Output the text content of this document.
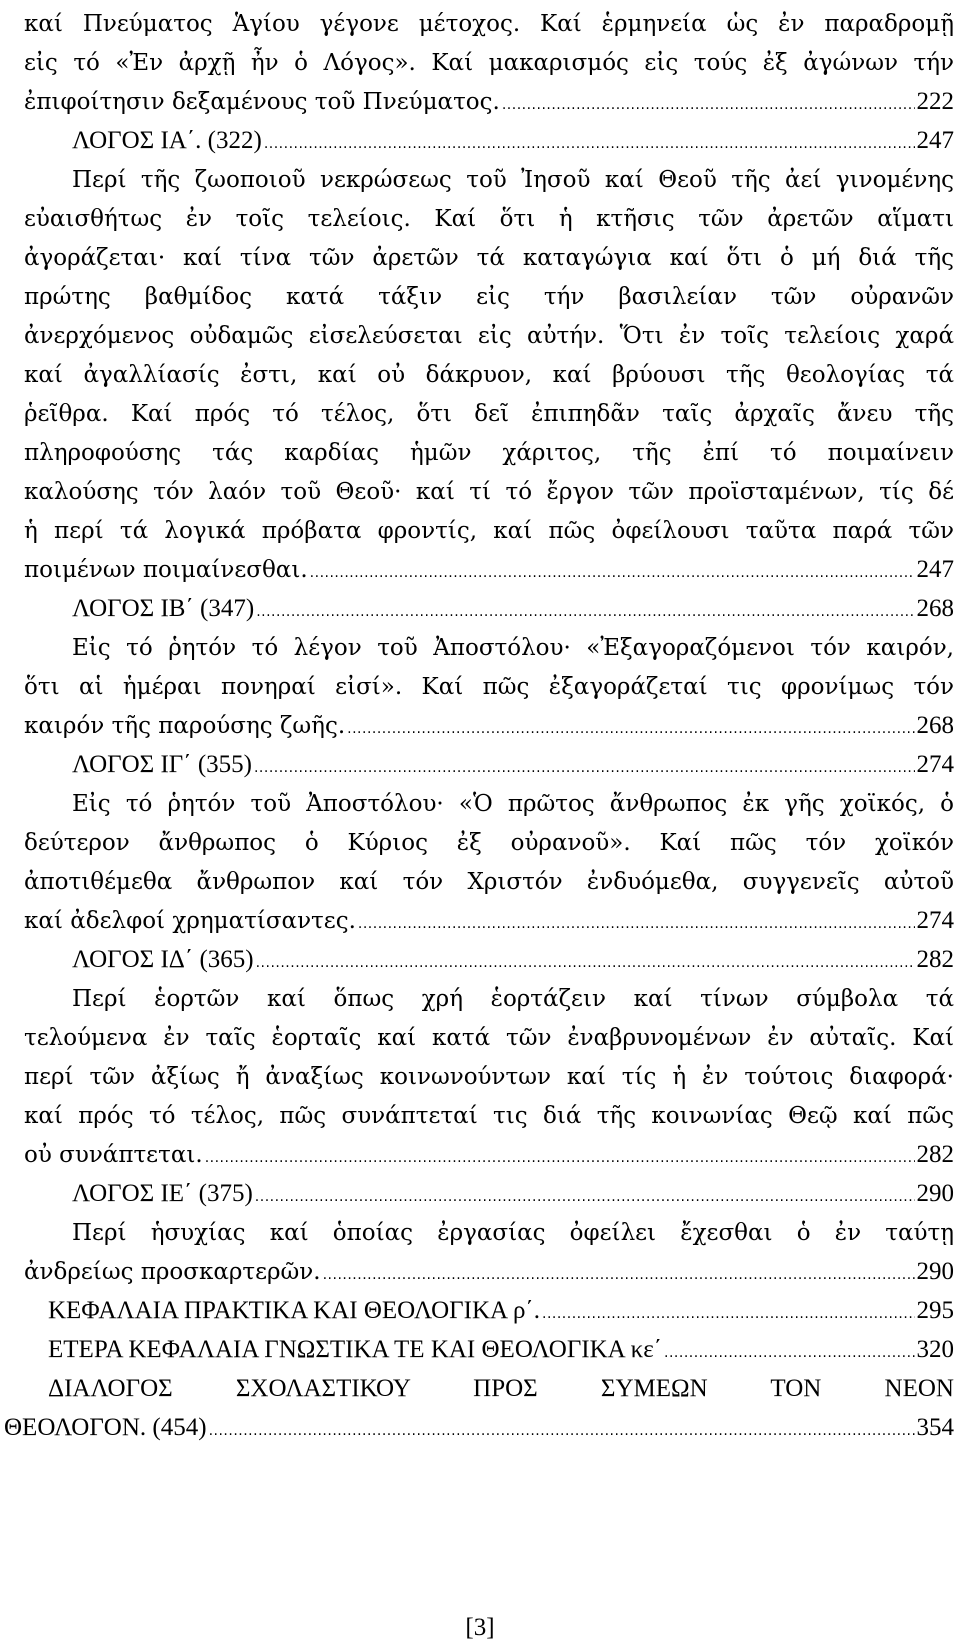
καί Πνεύματος Ἁγίου γέγονε μέτοχος. Καί ἑρμηνεία ὡς ἐν παραδρομῇ
εἰς τό «Ἐν ἀρχῇ ἦν ὁ Λόγος». Καί μακαρισμός εἰς τούς ἐξ ἀγώνων τήν
ἐπιφοίτησιν δεξαμένους τοῦ Πνεύματος. .....	222
ΛΟΓΟΣ ΙΑ΄. (322) .....	247
Περί τῆς ζωοποιοῦ νεκρώσεως τοῦ Ἰησοῦ καί Θεοῦ τῆς ἀεί γινομένης
εὐαισθήτως ἐν τοῖς τελείοις. Καί ὅτι ἡ κτῆσις τῶν ἀρετῶν αἵματι
ἀγοράζεται· καί τίνα τῶν ἀρετῶν τά καταγώγια καί ὅτι ὁ μή διά τῆς
πρώτης βαθμίδος κατά τάξιν εἰς τήν βασιλείαν τῶν οὐρανῶν
ἀνερχόμενος οὐδαμῶς εἰσελεύσεται εἰς αὐτήν. Ὅτι ἐν τοῖς τελείοις χαρά
καί ἀγαλλίασίς ἐστι, καί οὐ δάκρυον, καί βρύουσι τῆς θεολογίας τά
ῥεῖθρα. Καί πρός τό τέλος, ὅτι δεῖ ἐπιπηδᾶν ταῖς ἀρχαῖς ἄνευ τῆς
πληροφούσης τάς καρδίας ἡμῶν χάριτος, τῆς ἐπί τό ποιμαίνειν
καλούσης τόν λαόν τοῦ Θεοῦ· καί τί τό ἔργον τῶν προϊσταμένων, τίς δέ
ἡ περί τά λογικά πρόβατα φροντίς, καί πῶς ὀφείλουσι ταῦτα παρά τῶν
ποιμένων ποιμαίνεσθαι. .....	247
ΛΟΓΟΣ ΙΒ΄ (347) .....	268
Εἰς τό ῥητόν τό λέγον τοῦ Ἀποστόλου· «Ἐξαγοραζόμενοι τόν καιρόν,
ὅτι αἱ ἡμέραι πονηραί εἰσί». Καί πῶς ἐξαγοράζεταί τις φρονίμως τόν
καιρόν τῆς παρούσης ζωῆς. .....	268
ΛΟΓΟΣ ΙΓ΄ (355) .....	274
Εἰς τό ῥητόν τοῦ Ἀποστόλου· «Ὁ πρῶτος ἄνθρωπος ἐκ γῆς χοϊκός, ὁ
δεύτερον ἄνθρωπος ὁ Κύριος ἐξ οὐρανοῦ». Καί πῶς τόν χοϊκόν
ἀποτιθέμεθα ἄνθρωπον καί τόν Χριστόν ἐνδυόμεθα, συγγενεῖς αὐτοῦ
καί ἀδελφοί χρηματίσαντες. .....	274
ΛΟΓΟΣ ΙΔ΄ (365) .....	282
Περί ἑορτῶν καί ὅπως χρή ἑορτάζειν καί τίνων σύμβολα τά
τελούμενα ἐν ταῖς ἑορταῖς καί κατά τῶν ἐναβρυνομένων ἐν αὐταῖς. Καί
περί τῶν ἀξίως ἤ ἀναξίως κοινωνούντων καί τίς ἡ ἐν τούτοις διαφορά·
καί πρός τό τέλος, πῶς συνάπτεταί τις διά τῆς κοινωνίας Θεῷ καί πῶς
οὐ συνάπτεται. .....	282
ΛΟΓΟΣ ΙΕ΄ (375) .....	290
Περί ἡσυχίας καί ὁποίας ἐργασίας ὀφείλει ἔχεσθαι ὁ ἐν ταύτῃ
ἀνδρείως προσκαρτερῶν. .....	290
ΚΕΦΑΛΑΙΑ ΠΡΑΚΤΙΚΑ ΚΑΙ ΘΕΟΛΟΓΙΚΑ ρ΄. .....	295
ΕΤΕΡΑ ΚΕΦΑΛΑΙΑ ΓΝΩΣΤΙΚΑ ΤΕ ΚΑΙ ΘΕΟΛΟΓΙΚΑ κε΄ .....	320
ΔΙΑΛΟΓΟΣ ΣΧΟΛΑΣΤΙΚΟΥ ΠΡΟΣ ΣΥΜΕΩΝ ΤΟΝ ΝΕΟΝ
ΘΕΟΛΟΓΟΝ. (454) .....	354
[3]
